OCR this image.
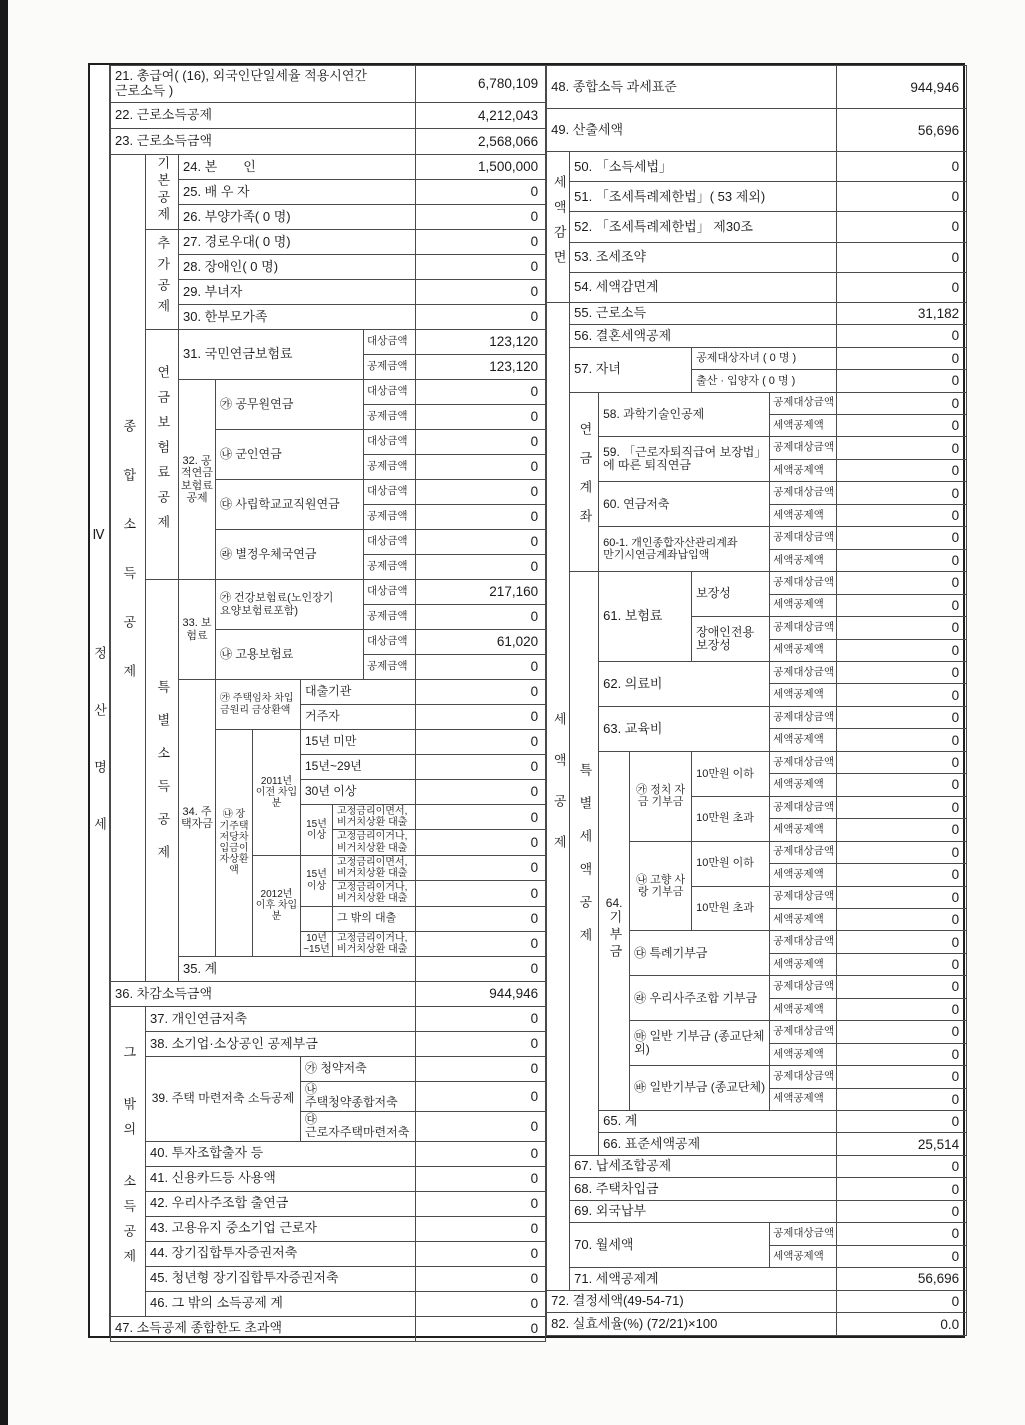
Ⅳ 정산명세
21. 총급여( (16), 외국인단일세율 적용시연간 근로소득 )								6,780,109
22. 근로소득공제								4,212,043
23. 근로소득금액								2,568,066
종합소득공제	기본공제	24. 본　　인						1,500,000
		25. 배 우 자						0
		26. 부양가족( 0 명)						0
	추가공제	27. 경로우대( 0 명)						0
		28. 장애인( 0 명)						0
		29. 부녀자						0
		30. 한부모가족						0
	연금보험료공제	31. 국민연금보험료					대상금액	123,120
							공제금액	123,120
		32. 공적연금보험료공제	㉮ 공무원연금				대상금액	0
							공제금액	0
			㉯ 군인연금				대상금액	0
							공제금액	0
			㉰ 사립학교교직원연금				대상금액	0
							공제금액	0
			㉱ 별정우체국연금				대상금액	0
							공제금액	0
	특별소득공제	33. 보험료	㉮ 건강보험료(노인장기 요양보험료포함)				대상금액	217,160
							공제금액	0
			㉯ 고용보험료				대상금액	61,020
							공제금액	0
		34. 주택자금	㉮ 주택임차 차입금원리 금상환액		대출기관			0
					거주자			0
			㉯ 장기주택저당차입금이자상환액	2011년 이전 차입분	15년 미만			0
					15년~29년			0
					30년 이상			0
					15년 이상	고정금리이면서, 비거치상환 대출		0
						고정금리이거나, 비거치상환 대출		0
				2012년 이후 차입분	15년 이상	고정금리이면서, 비거치상환 대출		0
						고정금리이거나, 비거치상환 대출		0
						그 밖의 대출		0
					10년 ~15년	고정금리이거나, 비거치상환 대출		0
		35. 계						0
36. 차감소득금액								944,946
그 밖의 소득공제	37. 개인연금저축							0
	38. 소기업·소상공인 공제부금							0
	39. 주택 마련저축 소득공제				㉮ 청약저축			0
					㉯ 주택청약종합저축			0
					㉰ 근로자주택마련저축			0
	40. 투자조합출자 등							0
	41. 신용카드등 사용액							0
	42. 우리사주조합 출연금							0
	43. 고용유지 중소기업 근로자							0
	44. 장기집합투자증권저축							0
	45. 청년형 장기집합투자증권저축							0
	46. 그 밖의 소득공제 계							0
47. 소득공제 종합한도 초과액								0
48. 종합소득 과세표준						944,946
49. 산출세액						56,696
세액감면	50. 「소득세법」					0
	51. 「조세특례제한법」( 53 제외)					0
	52. 「조세특례제한법」 제30조					0
	53. 조세조약					0
	54. 세액감면계					0
세액공제	55. 근로소득					31,182
	56. 결혼세액공제					0
	57. 자녀			공제대상자녀 ( 0 명 )		0
				출산 · 입양자 ( 0 명 )		0
	연금계좌	58. 과학기술인공제			공제대상금액	0
					세액공제액	0
		59. 「근로자퇴직급여 보장법」에 따른 퇴직연금			공제대상금액	0
					세액공제액	0
		60. 연금저축			공제대상금액	0
					세액공제액	0
		60-1. 개인종합자산관리계좌 만기시연금계좌납입액			공제대상금액	0
					세액공제액	0
	특별세액공제	61. 보험료		보장성	공제대상금액	0
					세액공제액	0
				장애인전용 보장성	공제대상금액	0
					세액공제액	0
		62. 의료비			공제대상금액	0
					세액공제액	0
		63. 교육비			공제대상금액	0
					세액공제액	0

		64.
기부금	㉮ 정치 자금 기부금	10만원 이하	공제대상금액	0
					세액공제액	0
				10만원 초과	공제대상금액	0
					세액공제액	0
			㉯ 고향 사랑 기부금	10만원 이하	공제대상금액	0
					세액공제액	0
				10만원 초과	공제대상금액	0
					세액공제액	0
			㉰ 특례기부금		공제대상금액	0
					세액공제액	0
			㉱ 우리사주조합 기부금		공제대상금액	0
					세액공제액	0
			㉲ 일반 기부금 (종교단체 외)		공제대상금액	0
					세액공제액	0
			㉳ 일반기부금 (종교단체)		공제대상금액	0
					세액공제액	0
		65. 계				0
		66. 표준세액공제				25,514
	67. 납세조합공제					0
	68. 주택차입금					0
	69. 외국납부					0
	70. 월세액				공제대상금액	0
					세액공제액	0
	71. 세액공제계					56,696
72. 결정세액(49-54-71)						0
82. 실효세율(%) (72/21)×100						0.0
